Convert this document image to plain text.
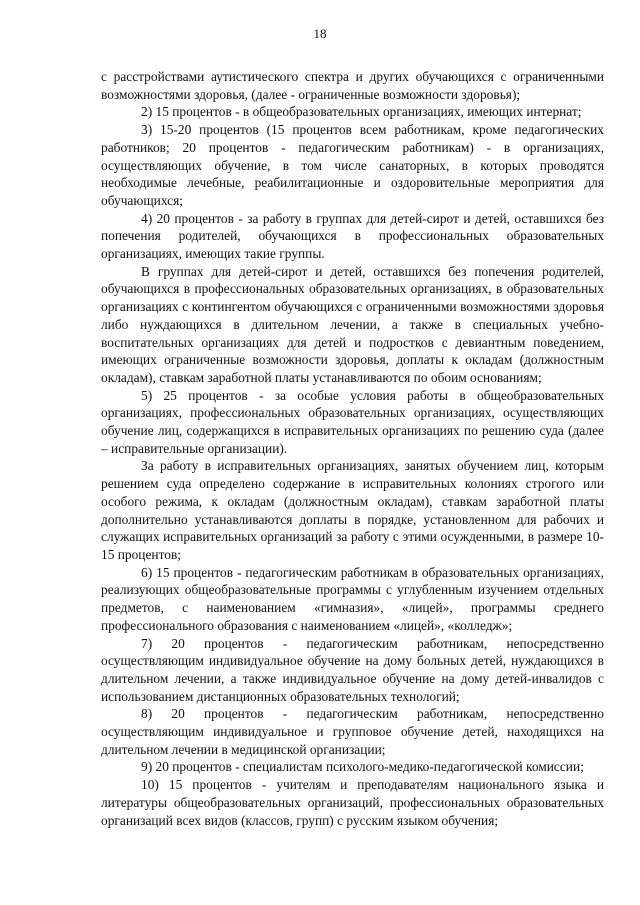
18

с расстройствами аутистического спектра и других обучающихся с ограниченными возможностями здоровья, (далее - ограниченные возможности здоровья);

2) 15 процентов - в общеобразовательных организациях, имеющих интернат;

3) 15-20 процентов (15 процентов всем работникам, кроме педагогических работников; 20 процентов - педагогическим работникам) - в организациях, осуществляющих обучение, в том числе санаторных, в которых проводятся необходимые лечебные, реабилитационные и оздоровительные мероприятия для обучающихся;

4) 20 процентов - за работу в группах для детей-сирот и детей, оставшихся без попечения родителей, обучающихся в профессиональных образовательных организациях, имеющих такие группы.

В группах для детей-сирот и детей, оставшихся без попечения родителей, обучающихся в профессиональных образовательных организациях, в образовательных организациях с контингентом обучающихся с ограниченными возможностями здоровья либо нуждающихся в длительном лечении, а также в специальных учебно-воспитательных организациях для детей и подростков с девиантным поведением, имеющих ограниченные возможности здоровья, доплаты к окладам (должностным окладам), ставкам заработной платы устанавливаются по обоим основаниям;

5) 25 процентов - за особые условия работы в общеобразовательных организациях, профессиональных образовательных организациях, осуществляющих обучение лиц, содержащихся в исправительных организациях по решению суда (далее – исправительные организации).

За работу в исправительных организациях, занятых обучением лиц, которым решением суда определено содержание в исправительных колониях строгого или особого режима, к окладам (должностным окладам), ставкам заработной платы дополнительно устанавливаются доплаты в порядке, установленном для рабочих и служащих исправительных организаций за работу с этими осужденными, в размере 10-15 процентов;

6) 15 процентов - педагогическим работникам в образовательных организациях, реализующих общеобразовательные программы с углубленным изучением отдельных предметов, с наименованием «гимназия», «лицей», программы среднего профессионального образования с наименованием «лицей», «колледж»;

7) 20 процентов - педагогическим работникам, непосредственно осуществляющим индивидуальное обучение на дому больных детей, нуждающихся в длительном лечении, а также индивидуальное обучение на дому детей-инвалидов с использованием дистанционных образовательных технологий;

8) 20 процентов - педагогическим работникам, непосредственно осуществляющим индивидуальное и групповое обучение детей, находящихся на длительном лечении в медицинской организации;

9) 20 процентов - специалистам психолого-медико-педагогической комиссии;

10) 15 процентов - учителям и преподавателям национального языка и литературы общеобразовательных организаций, профессиональных образовательных организаций всех видов (классов, групп) с русским языком обучения;
